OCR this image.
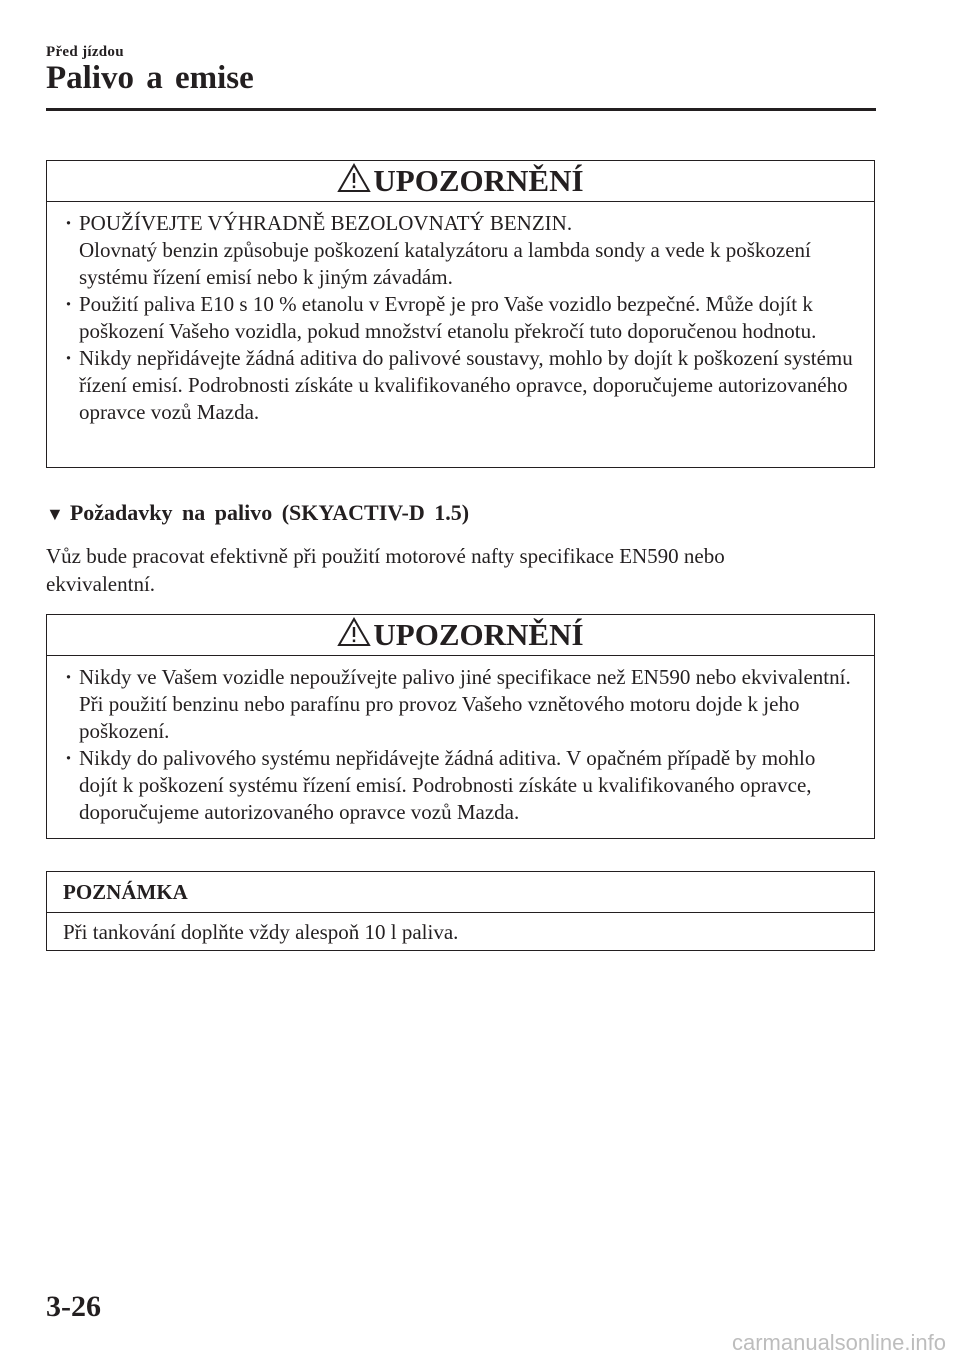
Před jízdou
Palivo a emise
UPOZORNĚNÍ
· POUŽÍVEJTE VÝHRADNĚ BEZOLOVNATÝ BENZIN.
Olovnatý benzin způsobuje poškození katalyzátoru a lambda sondy a vede k poškození systému řízení emisí nebo k jiným závadám.
· Použití paliva E10 s 10 % etanolu v Evropě je pro Vaše vozidlo bezpečné. Může dojít k poškození Vašeho vozidla, pokud množství etanolu překročí tuto doporučenou hodnotu.
· Nikdy nepřidávejte žádná aditiva do palivové soustavy, mohlo by dojít k poškození systému řízení emisí. Podrobnosti získáte u kvalifikovaného opravce, doporučujeme autorizovaného opravce vozů Mazda.
▼ Požadavky na palivo (SKYACTIV-D 1.5)
Vůz bude pracovat efektivně při použití motorové nafty specifikace EN590 nebo ekvivalentní.
UPOZORNĚNÍ
· Nikdy ve Vašem vozidle nepoužívejte palivo jiné specifikace než EN590 nebo ekvivalentní. Při použití benzinu nebo parafínu pro provoz Vašeho vznětového motoru dojde k jeho poškození.
· Nikdy do palivového systému nepřidávejte žádná aditiva. V opačném případě by mohlo dojít k poškození systému řízení emisí. Podrobnosti získáte u kvalifikovaného opravce, doporučujeme autorizovaného opravce vozů Mazda.
POZNÁMKA
Při tankování doplňte vždy alespoň 10 l paliva.
3-26
carmanualsonline.info
